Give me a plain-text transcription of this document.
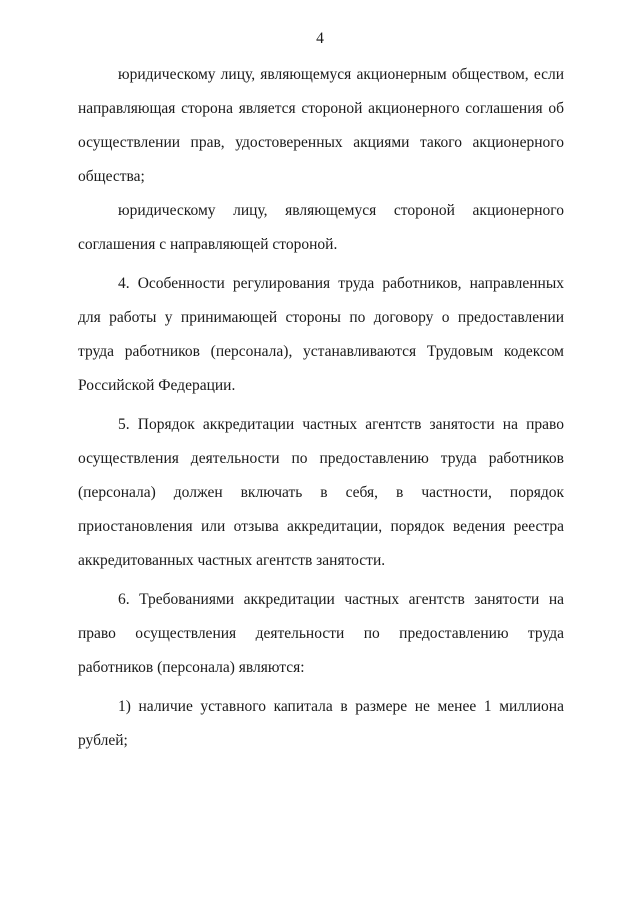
4

юридическому лицу, являющемуся акционерным обществом, если направляющая сторона является стороной акционерного соглашения об осуществлении прав, удостоверенных акциями такого акционерного общества;

юридическому лицу, являющемуся стороной акционерного соглашения с направляющей стороной.

4. Особенности регулирования труда работников, направленных для работы у принимающей стороны по договору о предоставлении труда работников (персонала), устанавливаются Трудовым кодексом Российской Федерации.

5. Порядок аккредитации частных агентств занятости на право осуществления деятельности по предоставлению труда работников (персонала) должен включать в себя, в частности, порядок приостановления или отзыва аккредитации, порядок ведения реестра аккредитованных частных агентств занятости.

6. Требованиями аккредитации частных агентств занятости на право осуществления деятельности по предоставлению труда работников (персонала) являются:

1) наличие уставного капитала в размере не менее 1 миллиона рублей;
